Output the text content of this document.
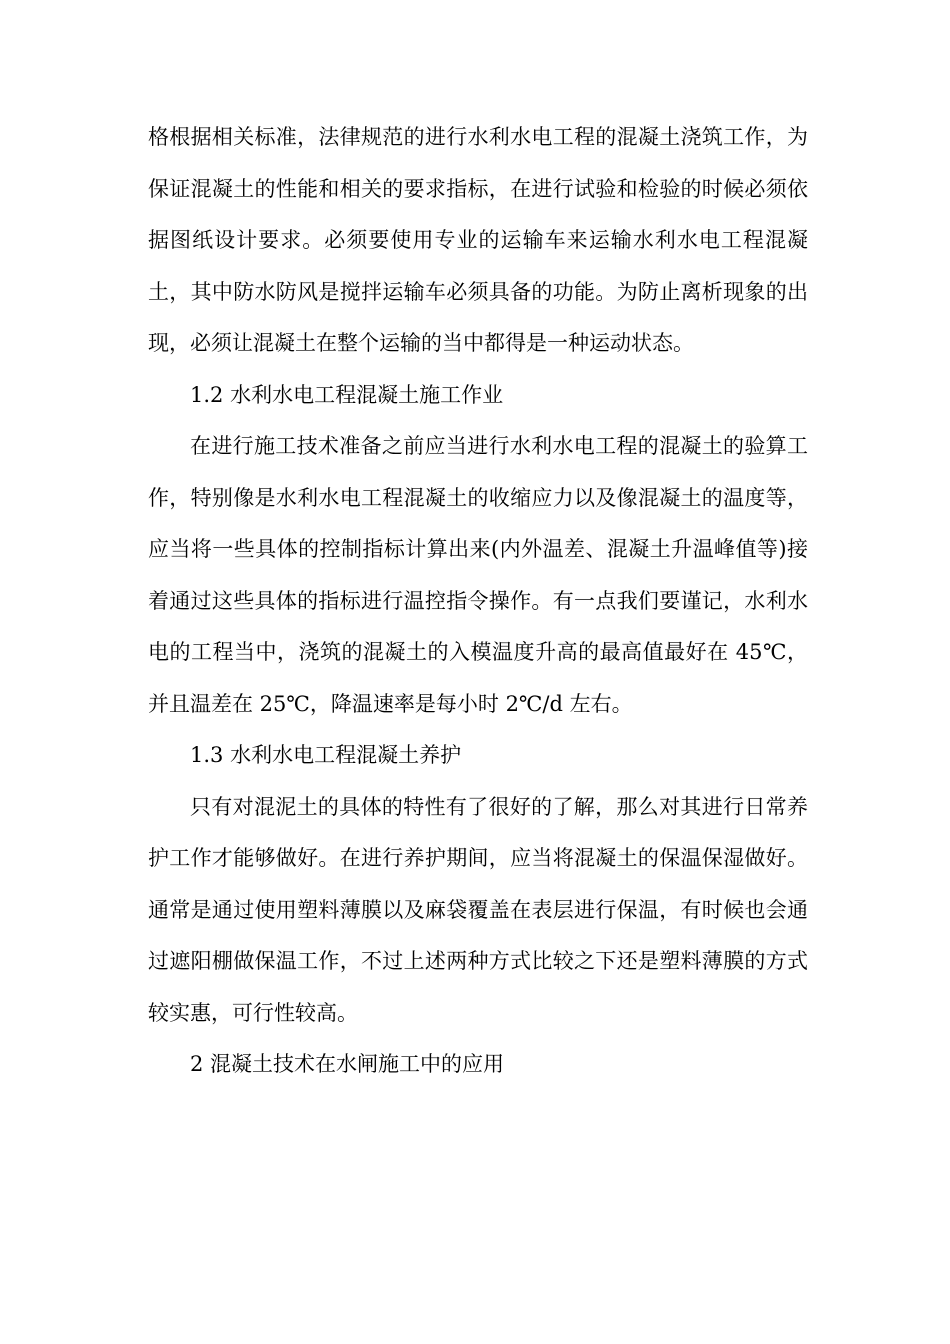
格根据相关标准，法律规范的进行水利水电工程的混凝土浇筑工作，为保证混凝土的性能和相关的要求指标，在进行试验和检验的时候必须依据图纸设计要求。必须要使用专业的运输车来运输水利水电工程混凝土，其中防水防风是搅拌运输车必须具备的功能。为防止离析现象的出现，必须让混凝土在整个运输的当中都得是一种运动状态。

1.2 水利水电工程混凝土施工作业

在进行施工技术准备之前应当进行水利水电工程的混凝土的验算工作，特别像是水利水电工程混凝土的收缩应力以及像混凝土的温度等，应当将一些具体的控制指标计算出来(内外温差、混凝土升温峰值等)接着通过这些具体的指标进行温控指令操作。有一点我们要谨记，水利水电的工程当中，浇筑的混凝土的入模温度升高的最高值最好在 45℃，并且温差在 25℃，降温速率是每小时 2℃/d 左右。

1.3 水利水电工程混凝土养护

只有对混泥土的具体的特性有了很好的了解，那么对其进行日常养护工作才能够做好。在进行养护期间，应当将混凝土的保温保湿做好。通常是通过使用塑料薄膜以及麻袋覆盖在表层进行保温，有时候也会通过遮阳棚做保温工作，不过上述两种方式比较之下还是塑料薄膜的方式较实惠，可行性较高。

2 混凝土技术在水闸施工中的应用
